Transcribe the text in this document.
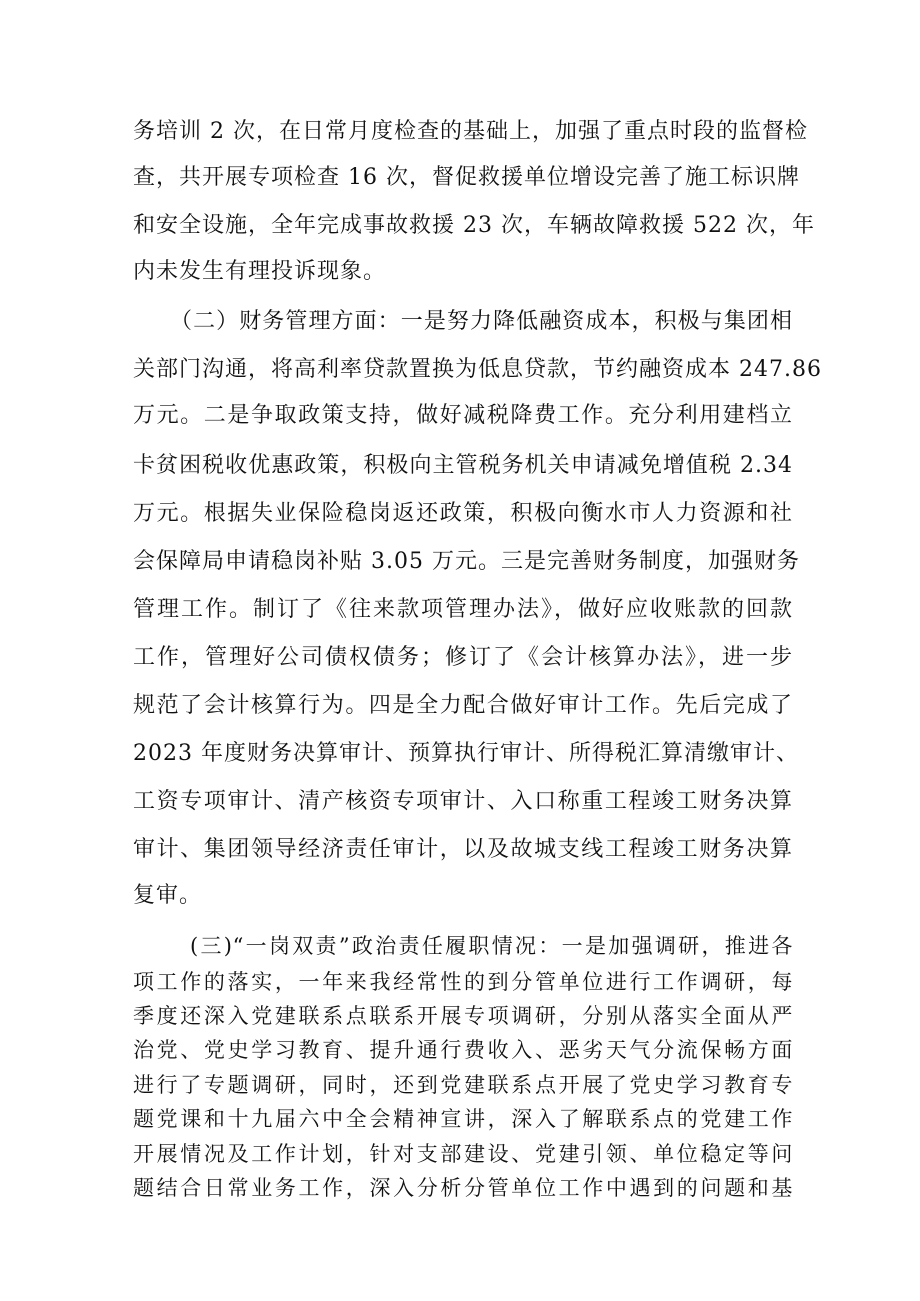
务培训 2 次，在日常月度检查的基础上，加强了重点时段的监督检
查，共开展专项检查 16 次，督促救援单位增设完善了施工标识牌
和安全设施，全年完成事故救援 23 次，车辆故障救援 522 次，年
内未发生有理投诉现象。
（二）财务管理方面：一是努力降低融资成本，积极与集团相
关部门沟通，将高利率贷款置换为低息贷款，节约融资成本 247.86
万元。二是争取政策支持，做好减税降费工作。充分利用建档立
卡贫困税收优惠政策，积极向主管税务机关申请减免增值税 2.34
万元。根据失业保险稳岗返还政策，积极向衡水市人力资源和社
会保障局申请稳岗补贴 3.05 万元。三是完善财务制度，加强财务
管理工作。制订了《往来款项管理办法》，做好应收账款的回款
工作，管理好公司债权债务；修订了《会计核算办法》，进一步
规范了会计核算行为。四是全力配合做好审计工作。先后完成了
2023 年度财务决算审计、预算执行审计、所得税汇算清缴审计、
工资专项审计、清产核资专项审计、入口称重工程竣工财务决算
审计、集团领导经济责任审计，以及故城支线工程竣工财务决算
复审。
(三)“一岗双责”政治责任履职情况：一是加强调研，推进各
项工作的落实，一年来我经常性的到分管单位进行工作调研，每
季度还深入党建联系点联系开展专项调研，分别从落实全面从严
治党、党史学习教育、提升通行费收入、恶劣天气分流保畅方面
进行了专题调研，同时，还到党建联系点开展了党史学习教育专
题党课和十九届六中全会精神宣讲，深入了解联系点的党建工作
开展情况及工作计划，针对支部建设、党建引领、单位稳定等问
题结合日常业务工作，深入分析分管单位工作中遇到的问题和基
